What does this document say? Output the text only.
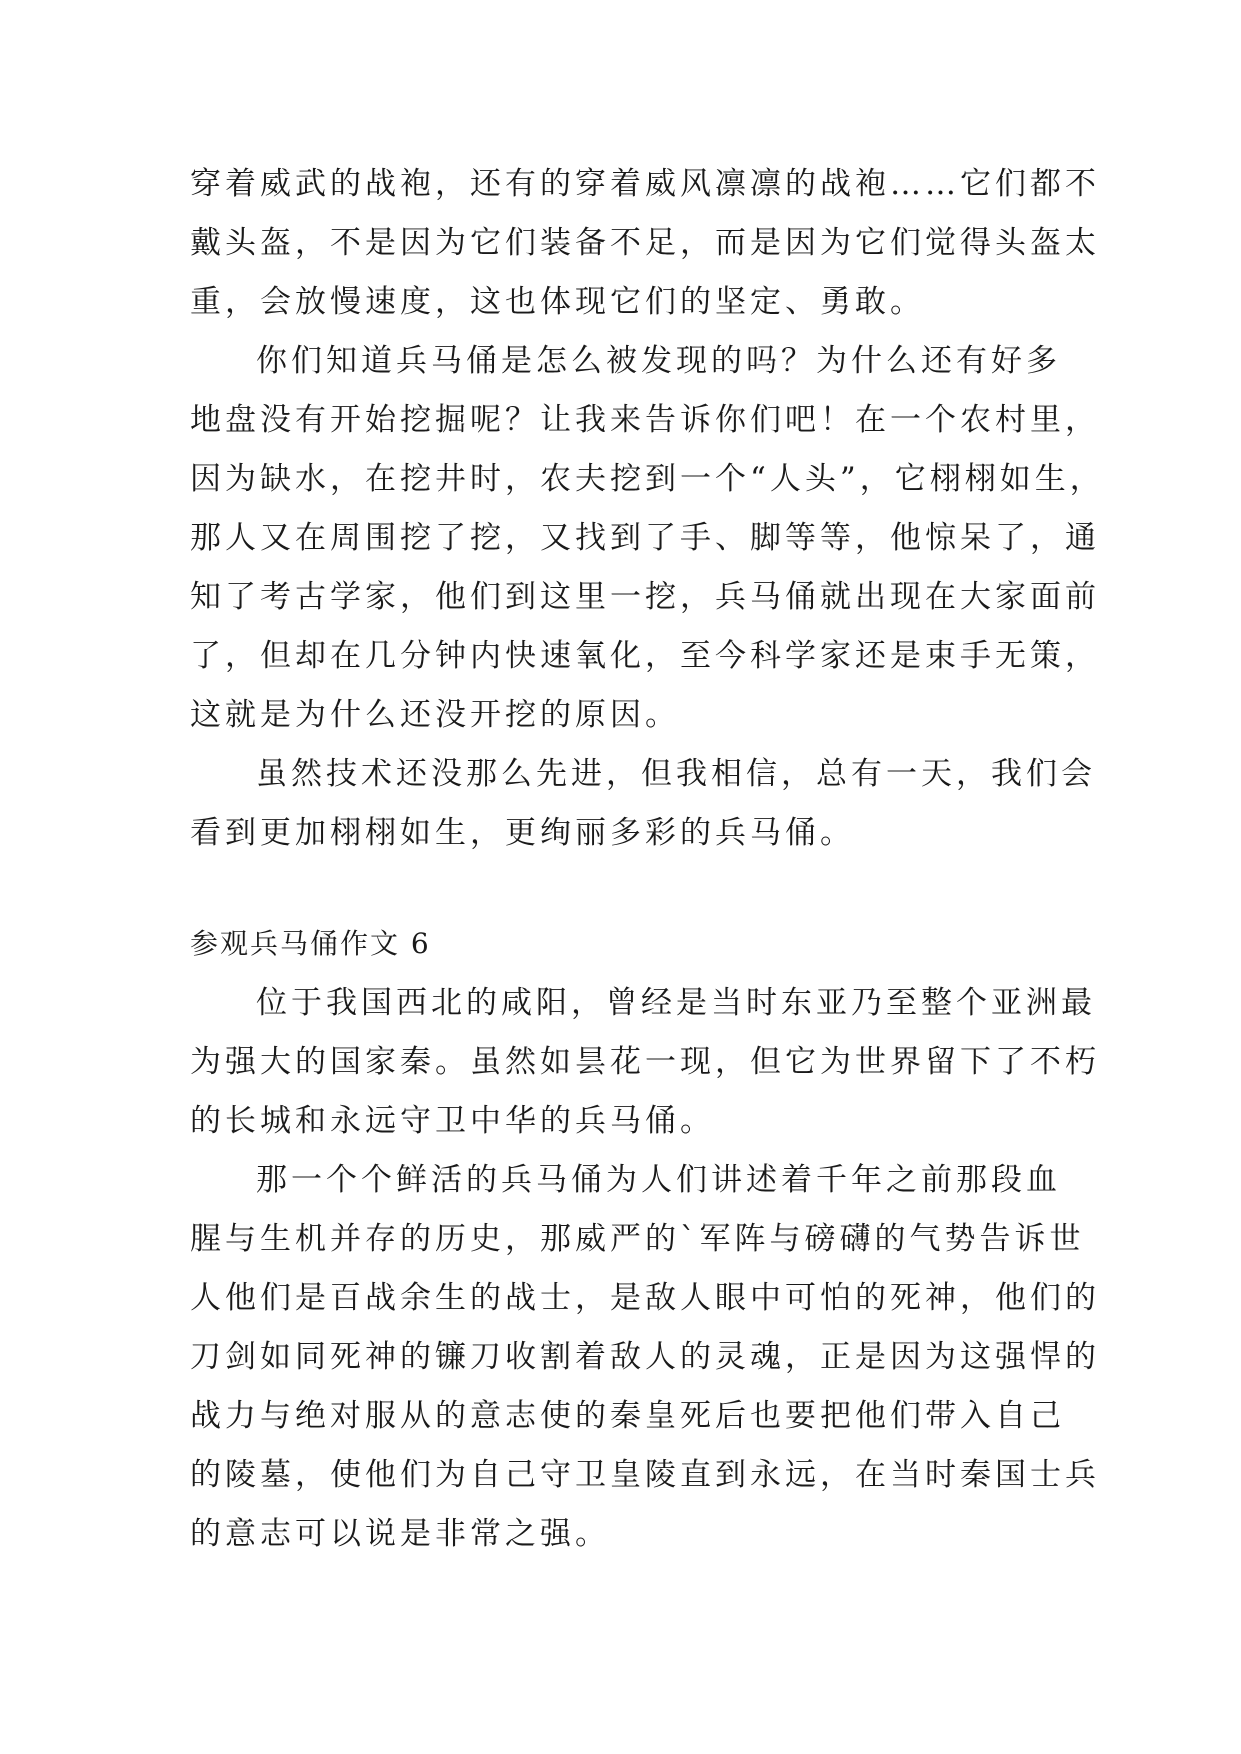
穿着威武的战袍，还有的穿着威风凛凛的战袍……它们都不
戴头盔，不是因为它们装备不足，而是因为它们觉得头盔太
重，会放慢速度，这也体现它们的坚定、勇敢。
你们知道兵马俑是怎么被发现的吗？为什么还有好多
地盘没有开始挖掘呢？让我来告诉你们吧！在一个农村里，
因为缺水，在挖井时，农夫挖到一个“人头”，它栩栩如生，
那人又在周围挖了挖，又找到了手、脚等等，他惊呆了，通
知了考古学家，他们到这里一挖，兵马俑就出现在大家面前
了，但却在几分钟内快速氧化，至今科学家还是束手无策，
这就是为什么还没开挖的原因。
虽然技术还没那么先进，但我相信，总有一天，我们会
看到更加栩栩如生，更绚丽多彩的兵马俑。
参观兵马俑作文 6
位于我国西北的咸阳，曾经是当时东亚乃至整个亚洲最
为强大的国家秦。虽然如昙花一现，但它为世界留下了不朽
的长城和永远守卫中华的兵马俑。
那一个个鲜活的兵马俑为人们讲述着千年之前那段血
腥与生机并存的历史，那威严的`军阵与磅礴的气势告诉世
人他们是百战余生的战士，是敌人眼中可怕的死神，他们的
刀剑如同死神的镰刀收割着敌人的灵魂，正是因为这强悍的
战力与绝对服从的意志使的秦皇死后也要把他们带入自己
的陵墓，使他们为自己守卫皇陵直到永远，在当时秦国士兵
的意志可以说是非常之强。
